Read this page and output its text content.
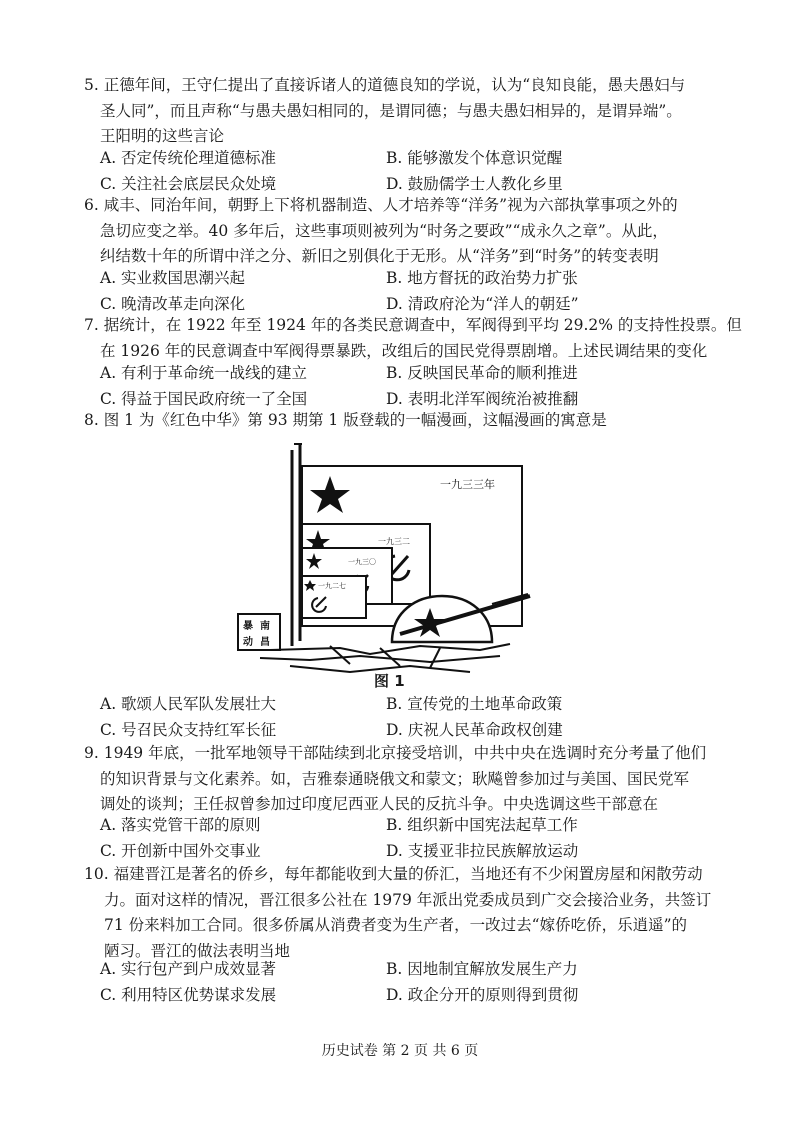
5. 正德年间，王守仁提出了直接诉诸人的道德良知的学说，认为“良知良能，愚夫愚妇与
圣人同”，而且声称“与愚夫愚妇相同的，是谓同德；与愚夫愚妇相异的，是谓异端”。
王阳明的这些言论
A. 否定传统伦理道德标准	B. 能够激发个体意识觉醒
C. 关注社会底层民众处境	D. 鼓励儒学士人教化乡里
6. 咸丰、同治年间，朝野上下将机器制造、人才培养等“洋务”视为六部执掌事项之外的
急切应变之举。40 多年后，这些事项则被列为“时务之要政”“成永久之章”。从此，
纠结数十年的所谓中洋之分、新旧之别俱化于无形。从“洋务”到“时务”的转变表明
A. 实业救国思潮兴起	B. 地方督抚的政治势力扩张
C. 晚清改革走向深化	D. 清政府沦为“洋人的朝廷”
7. 据统计，在 1922 年至 1924 年的各类民意调查中，军阀得到平均 29.2% 的支持性投票。但
在 1926 年的民意调查中军阀得票暴跌，改组后的国民党得票剧增。上述民调结果的变化
A. 有利于革命统一战线的建立	B. 反映国民革命的顺利推进
C. 得益于国民政府统一了全国	D. 表明北洋军阀统治被推翻
8. 图 1 为《红色中华》第 93 期第 1 版登载的一幅漫画，这幅漫画的寓意是
一九三三年
一九三二
一九三〇
一九二七
暴 南
动 昌
图 1
A. 歌颂人民军队发展壮大	B. 宣传党的土地革命政策
C. 号召民众支持红军长征	D. 庆祝人民革命政权创建
9. 1949 年底，一批军地领导干部陆续到北京接受培训，中共中央在选调时充分考量了他们
的知识背景与文化素养。如，吉雅泰通晓俄文和蒙文；耿飚曾参加过与美国、国民党军
调处的谈判；王任叔曾参加过印度尼西亚人民的反抗斗争。中央选调这些干部意在
A. 落实党管干部的原则	B. 组织新中国宪法起草工作
C. 开创新中国外交事业	D. 支援亚非拉民族解放运动
10. 福建晋江是著名的侨乡，每年都能收到大量的侨汇，当地还有不少闲置房屋和闲散劳动
力。面对这样的情况，晋江很多公社在 1979 年派出党委成员到广交会接洽业务，共签订
71 份来料加工合同。很多侨属从消费者变为生产者，一改过去“嫁侨吃侨，乐逍遥”的
陋习。晋江的做法表明当地
A. 实行包产到户成效显著	B. 因地制宜解放发展生产力
C. 利用特区优势谋求发展	D. 政企分开的原则得到贯彻
历史试卷 第 2 页 共 6 页
